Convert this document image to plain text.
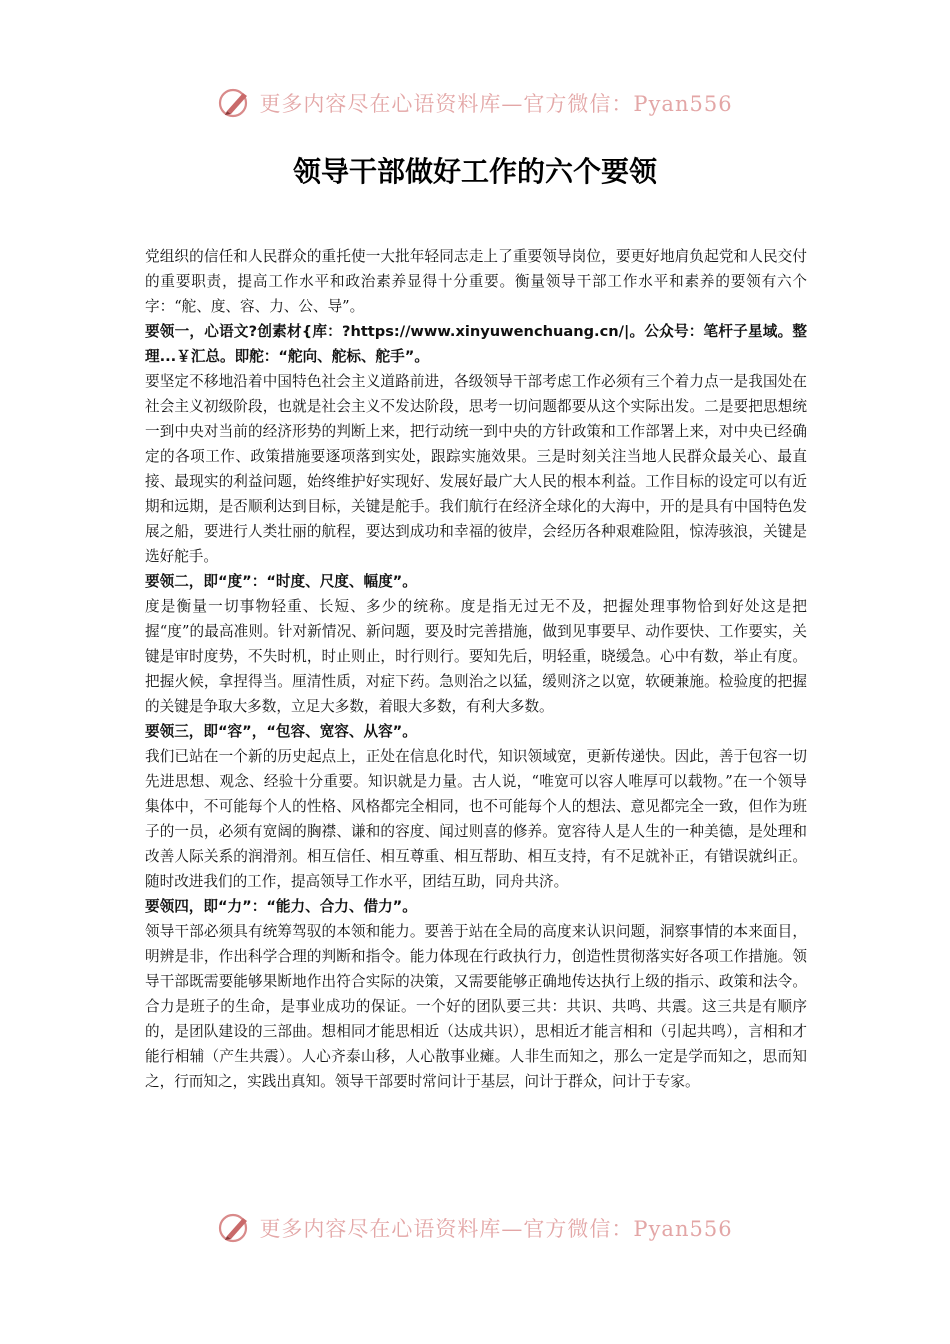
更多内容尽在心语资料库—官方微信：Pyan556
领导干部做好工作的六个要领

党组织的信任和人民群众的重托使一大批年轻同志走上了重要领导岗位，要更好地肩负起党和人民交付的重要职责，提高工作水平和政治素养显得十分重要。衡量领导干部工作水平和素养的要领有六个字：“舵、度、容、力、公、导”。

要领一，心语文?创素材{库：?https://www.xinyuwenchuang.cn/|。公众号：笔杆子星域。整理...￥汇总。即舵：“舵向、舵标、舵手”。

要坚定不移地沿着中国特色社会主义道路前进，各级领导干部考虑工作必须有三个着力点一是我国处在社会主义初级阶段，也就是社会主义不发达阶段，思考一切问题都要从这个实际出发。二是要把思想统一到中央对当前的经济形势的判断上来，把行动统一到中央的方针政策和工作部署上来，对中央已经确定的各项工作、政策措施要逐项落到实处，跟踪实施效果。三是时刻关注当地人民群众最关心、最直接、最现实的利益问题，始终维护好实现好、发展好最广大人民的根本利益。工作目标的设定可以有近期和远期，是否顺利达到目标，关键是舵手。我们航行在经济全球化的大海中，开的是具有中国特色发展之船，要进行人类壮丽的航程，要达到成功和幸福的彼岸，会经历各种艰难险阻，惊涛骇浪，关键是选好舵手。

要领二，即“度”：“时度、尺度、幅度”。

度是衡量一切事物轻重、长短、多少的统称。度是指无过无不及，把握处理事物恰到好处这是把握“度”的最高准则。针对新情况、新问题，要及时完善措施，做到见事要早、动作要快、工作要实，关键是审时度势，不失时机，时止则止，时行则行。要知先后，明轻重，晓缓急。心中有数，举止有度。把握火候，拿捏得当。厘清性质，对症下药。急则治之以猛，缓则济之以宽，软硬兼施。检验度的把握的关键是争取大多数，立足大多数，着眼大多数，有利大多数。

要领三，即“容”，“包容、宽容、从容”。

我们已站在一个新的历史起点上，正处在信息化时代，知识领域宽，更新传递快。因此，善于包容一切先进思想、观念、经验十分重要。知识就是力量。古人说，“唯宽可以容人唯厚可以载物。”在一个领导集体中，不可能每个人的性格、风格都完全相同，也不可能每个人的想法、意见都完全一致，但作为班子的一员，必须有宽阔的胸襟、谦和的容度、闻过则喜的修养。宽容待人是人生的一种美德，是处理和改善人际关系的润滑剂。相互信任、相互尊重、相互帮助、相互支持，有不足就补正，有错误就纠正。随时改进我们的工作，提高领导工作水平，团结互助，同舟共济。

要领四，即“力”：“能力、合力、借力”。

领导干部必须具有统筹驾驭的本领和能力。要善于站在全局的高度来认识问题，洞察事情的本来面目，明辨是非，作出科学合理的判断和指令。能力体现在行政执行力，创造性贯彻落实好各项工作措施。领导干部既需要能够果断地作出符合实际的决策，又需要能够正确地传达执行上级的指示、政策和法令。合力是班子的生命，是事业成功的保证。一个好的团队要三共：共识、共鸣、共震。这三共是有顺序的，是团队建设的三部曲。想相同才能思相近（达成共识），思相近才能言相和（引起共鸣），言相和才能行相辅（产生共震）。人心齐泰山移，人心散事业瘫。人非生而知之，那么一定是学而知之，思而知之，行而知之，实践出真知。领导干部要时常问计于基层，问计于群众，问计于专家。

更多内容尽在心语资料库—官方微信：Pyan556
